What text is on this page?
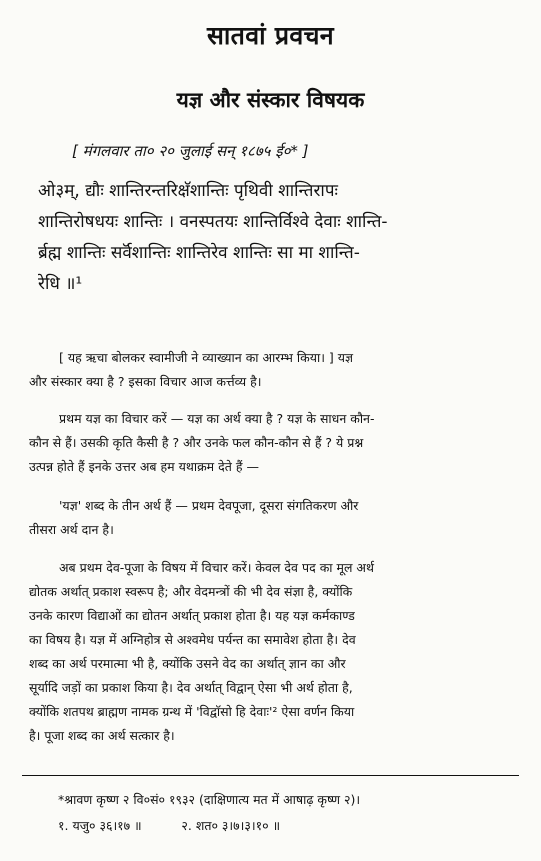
सातवां प्रवचन
यज्ञ और संस्कार विषयक
[ मंगलवार ता० २० जुलाई सन् १८७५ ई०* ]
ओ३म्, द्यौः शान्तिरन्तरिक्षॅशान्तिः पृथिवी शान्तिरापः
शान्तिरोषधयः शान्तिः । वनस्पतयः शान्तिर्विश्वे देवाः शान्ति-
र्ब्रह्म शान्तिः सर्वॅशान्तिः शान्तिरेव शान्तिः सा मा शान्ति-
रेधि ॥¹
[ यह ऋचा बोलकर स्वामीजी ने व्याख्यान का आरम्भ किया। ] यज्ञ
और संस्कार क्या है ? इसका विचार आज कर्त्तव्य है।
प्रथम यज्ञ का विचार करें — यज्ञ का अर्थ क्या है ? यज्ञ के साधन कौन-
कौन से हैं। उसकी कृति कैसी है ? और उनके फल कौन-कौन से हैं ? ये प्रश्न
उत्पन्न होते हैं इनके उत्तर अब हम यथाक्रम देते हैं —
'यज्ञ' शब्द के तीन अर्थ हैं — प्रथम देवपूजा, दूसरा संगतिकरण और
तीसरा अर्थ दान है।
अब प्रथम देव-पूजा के विषय में विचार करें। केवल देव पद का मूल अर्थ
द्योतक अर्थात् प्रकाश स्वरूप है; और वेदमन्त्रों की भी देव संज्ञा है, क्योंकि
उनके कारण विद्याओं का द्योतन अर्थात् प्रकाश होता है। यह यज्ञ कर्मकाण्ड
का विषय है। यज्ञ में अग्निहोत्र से अश्वमेध पर्यन्त का समावेश होता है। देव
शब्द का अर्थ परमात्मा भी है, क्योंकि उसने वेद का अर्थात् ज्ञान का और
सूर्यादि जड़ों का प्रकाश किया है। देव अर्थात् विद्वान् ऐसा भी अर्थ होता है,
क्योंकि शतपथ ब्राह्मण नामक ग्रन्थ में 'विद्वाॅसो हि देवाः'² ऐसा वर्णन किया
है। पूजा शब्द का अर्थ सत्कार है।
*श्रावण कृष्ण २ वि०सं० १९३२ (दाक्षिणात्य मत में आषाढ़ कृष्ण २)।
१. यजु० ३६।१७ ॥          २. शत० ३।७।३।१० ॥
